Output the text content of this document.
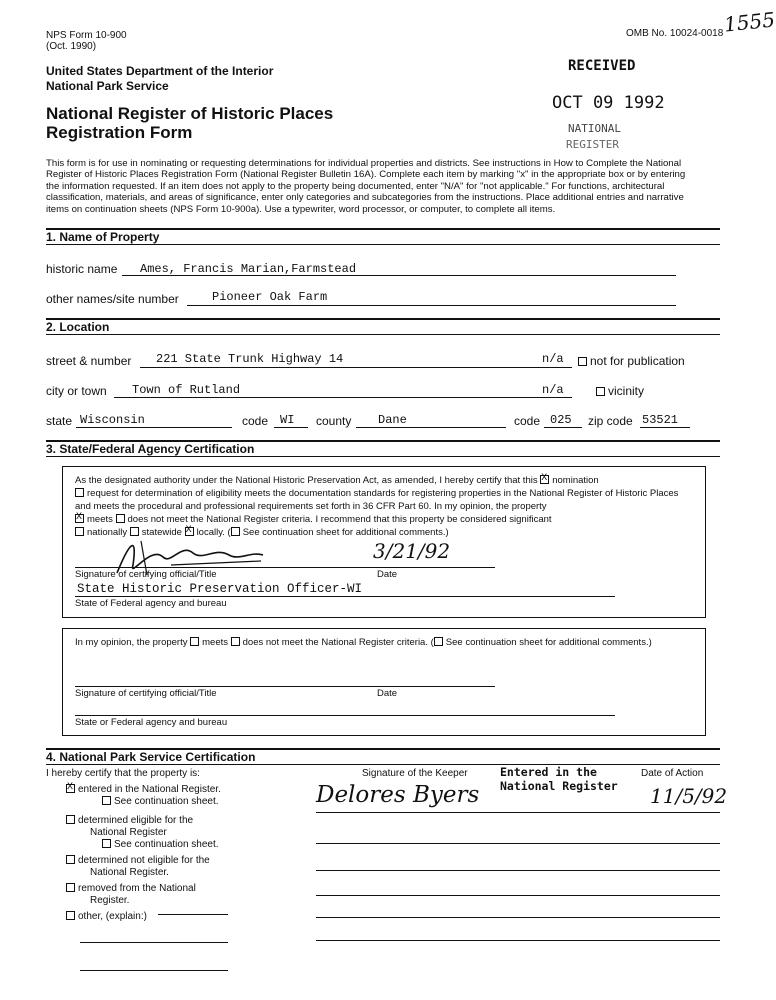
NPS Form 10-900
(Oct. 1990)
OMB No. 10024-0018 1555
United States Department of the Interior
National Park Service
National Register of Historic Places
Registration Form
RECEIVED
OCT 09 1992
NATIONAL
REGISTER
This form is for use in nominating or requesting determinations for individual properties and districts. See instructions in How to Complete the National Register of Historic Places Registration Form (National Register Bulletin 16A). Complete each item by marking "x" in the appropriate box or by entering the information requested. If an item does not apply to the property being documented, enter "N/A" for "not applicable." For functions, architectural classification, materials, and areas of significance, enter only categories and subcategories from the instructions. Place additional entries and narrative items on continuation sheets (NPS Form 10-900a). Use a typewriter, word processor, or computer, to complete all items.
1. Name of Property
historic name Ames, Francis Marian,Farmstead
other names/site number	Pioneer Oak Farm
2. Location
street & number 221 State Trunk Highway 14	n/a	not for publication
city or town Town of Rutland	n/a	vicinity
state Wisconsin	code WI county Dane	code 025 zip code 53521
3. State/Federal Agency Certification
As the designated authority under the National Historic Preservation Act, as amended, I hereby certify that this X nomination
request for determination of eligibility meets the documentation standards for registering properties in the National Register of Historic Places and meets the procedural and professional requirements set forth in 36 CFR Part 60. In my opinion, the property
Xmeets does not meet the National Register criteria. I recommend that this property be considered significant
nationally statewide X locally. ( See continuation sheet for additional comments.)
3/21/92
Signature of certifying official/Title	Date
State Historic Preservation Officer-WI
State of Federal agency and bureau
In my opinion, the property meets does not meet the National Register criteria. ( See continuation sheet for additional comments.)
Signature of certifying official/Title	Date
State or Federal agency and bureau
4. National Park Service Certification
I hereby certify that the property is:	Signature of the Keeper	Date of Action
Entered in the
National Register
Delores Byers	11/5/92
Xentered in the National Register.
See continuation sheet.
determined eligible for the
National Register
See continuation sheet.
determined not eligible for the
National Register.
removed from the National
Register.
other, (explain:)
